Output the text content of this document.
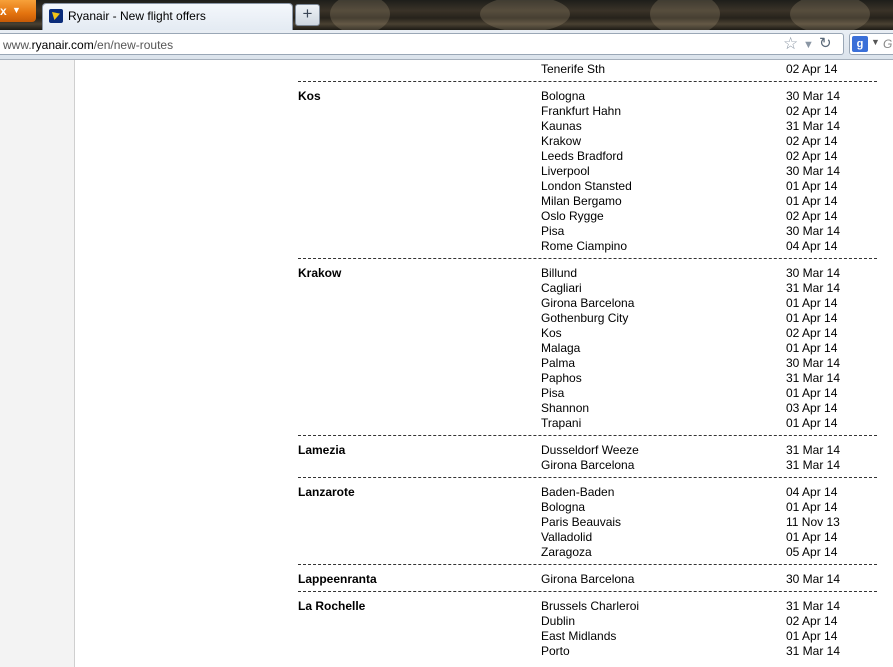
x ▼	Ryanair - New flight offers	+
www.ryanair.com/en/new-routes	☆ ▼ ↻	g ▼ G
Tenerife Sth	02 Apr 14
Kos	Bologna	30 Mar 14
Frankfurt Hahn	02 Apr 14
Kaunas	31 Mar 14
Krakow	02 Apr 14
Leeds Bradford	02 Apr 14
Liverpool	30 Mar 14
London Stansted	01 Apr 14
Milan Bergamo	01 Apr 14
Oslo Rygge	02 Apr 14
Pisa	30 Mar 14
Rome Ciampino	04 Apr 14
Krakow	Billund	30 Mar 14
Cagliari	31 Mar 14
Girona Barcelona	01 Apr 14
Gothenburg City	01 Apr 14
Kos	02 Apr 14
Malaga	01 Apr 14
Palma	30 Mar 14
Paphos	31 Mar 14
Pisa	01 Apr 14
Shannon	03 Apr 14
Trapani	01 Apr 14
Lamezia	Dusseldorf Weeze	31 Mar 14
Girona Barcelona	31 Mar 14
Lanzarote	Baden-Baden	04 Apr 14
Bologna	01 Apr 14
Paris Beauvais	11 Nov 13
Valladolid	01 Apr 14
Zaragoza	05 Apr 14
Lappeenranta	Girona Barcelona	30 Mar 14
La Rochelle	Brussels Charleroi	31 Mar 14
Dublin	02 Apr 14
East Midlands	01 Apr 14
Porto	31 Mar 14
